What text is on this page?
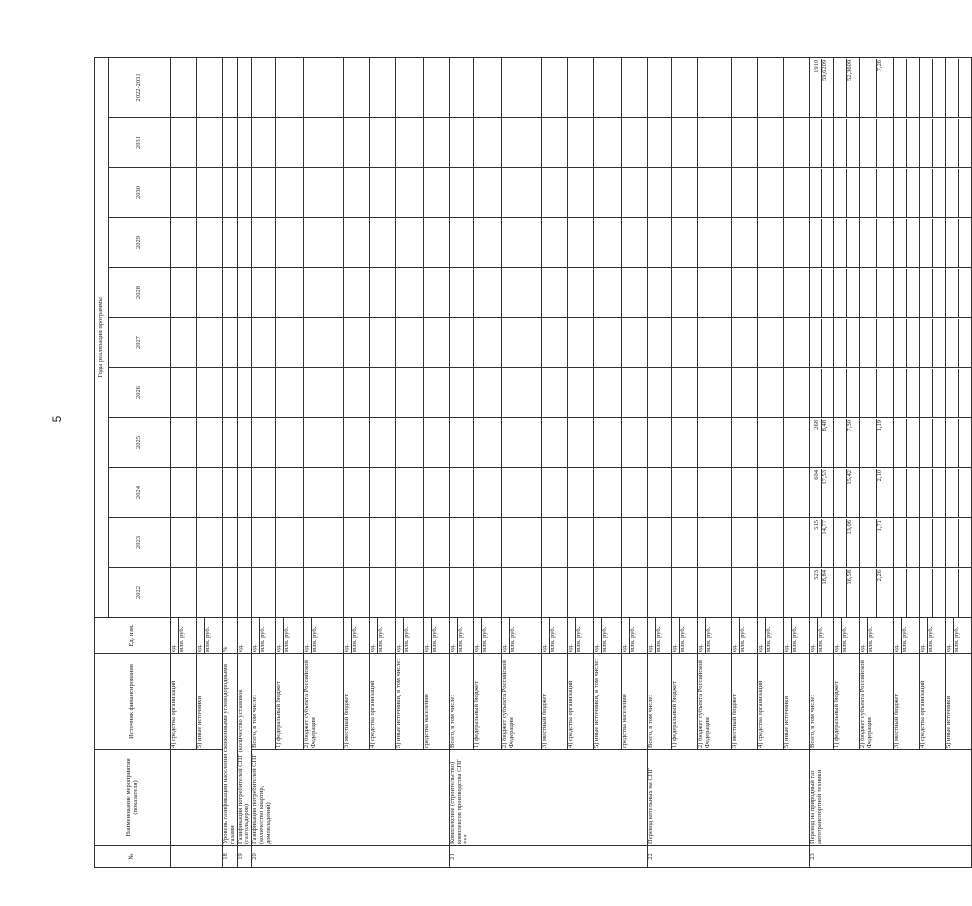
5
№	Наименование мероприятия (показателя)	Источник финансирования	Ед. изм.	Годы реализации программы										
				2022	2023	2024	2025	2026	2027	2028	2029	2030	2031	2022-2031
		4) средства организаций	ед. млн. руб.											

		5) иные источники	ед. млн. руб.											

18	Уровень газификации населения сжиженными углеводородными газами		%											

19	Газификация потребителей СПГ (количество установок (газгольдеров)		ед.											

20	Газификация потребителей СПГ (количество квартир, домовладений)	Всего, в том числе:	ед. млн. руб.											

		1) федеральный бюджет	ед. млн. руб.											

		2) бюджет субъекта Российской Федерации	ед. млн. руб.											

		3) местный бюджет	ед. млн. руб.											

		4) средства организаций	ед. млн. руб.											

		5) иные источники, в том числе:	ед. млн. руб.											

		средства населения	ед. млн. руб.											

21	Комплексное (строительство) комплексов производства СПГ ***	Всего, в том числе:	ед. млн. руб.											

		1) федеральный бюджет	ед. млн. руб.											

		2) бюджет субъекта Российской Федерации	ед. млн. руб.											

		3) местный бюджет	ед. млн. руб.											

		4) средства организаций	ед. млн. руб.											

		5) иные источники, в том числе:	ед. млн. руб.											

		средства населения	ед. млн. руб.											

22	Перевод котельных на СПГ	Всего, в том числе:	ед. млн. руб.											

		1) федеральный бюджет	ед. млн. руб.											

		2) бюджет субъекта Российской Федерации	ед. млн. руб.											

		3) местный бюджет	ед. млн. руб.											

		4) средства организаций	ед. млн. руб.											

		5) иные источники	ед. млн. руб.											

23	Перевод на природный газ автотранспортной техники	Всего, в том числе:	ед. млн. руб.	523 18,84	515 14,77	604 17,53	268 8,48							1910 59,6209

		1) федеральный бюджет	ед. млн. руб.	16,58	13,06	15,42	7,30							52,3609

		2) бюджет субъекта Российской Федерации	ед. млн. руб.	2,26	1,71	2,10	1,19							7,26

		3) местный бюджет	ед. млн. руб.											

		4) средства организаций	ед. млн. руб.											

		5) иные источники	ед. млн. руб.											
